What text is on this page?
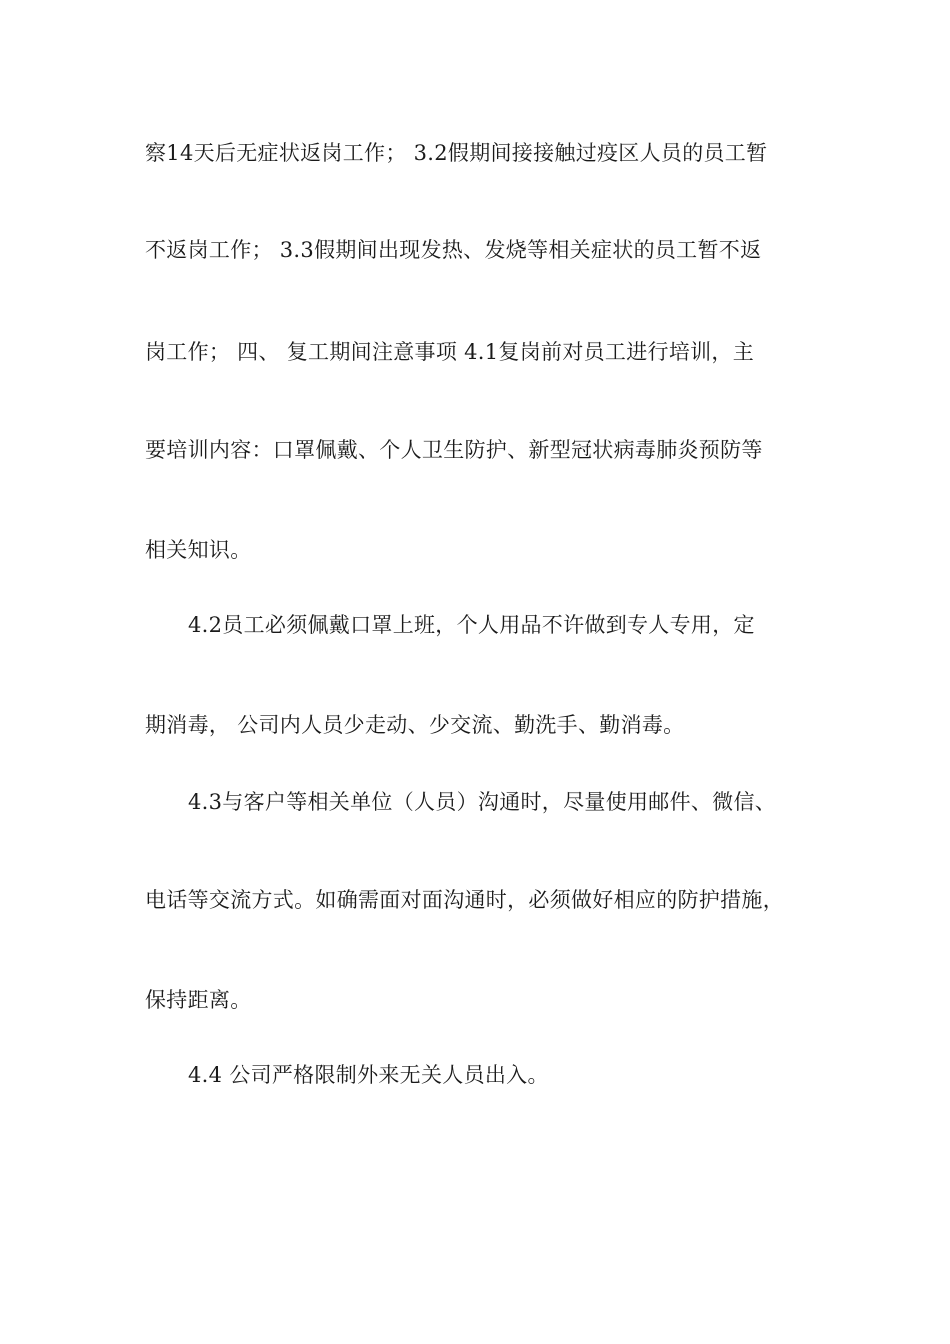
察14天后无症状返岗工作； 3.2假期间接接触过疫区人员的员工暂
不返岗工作； 3.3假期间出现发热、发烧等相关症状的员工暂不返
岗工作； 四、 复工期间注意事项 4.1复岗前对员工进行培训，主
要培训内容：口罩佩戴、个人卫生防护、新型冠状病毒肺炎预防等
相关知识。
4.2员工必须佩戴口罩上班，个人用品不许做到专人专用，定
期消毒， 公司内人员少走动、少交流、勤洗手、勤消毒。
4.3与客户等相关单位（人员）沟通时，尽量使用邮件、微信、
电话等交流方式。如确需面对面沟通时，必须做好相应的防护措施，
保持距离。
4.4 公司严格限制外来无关人员出入。
